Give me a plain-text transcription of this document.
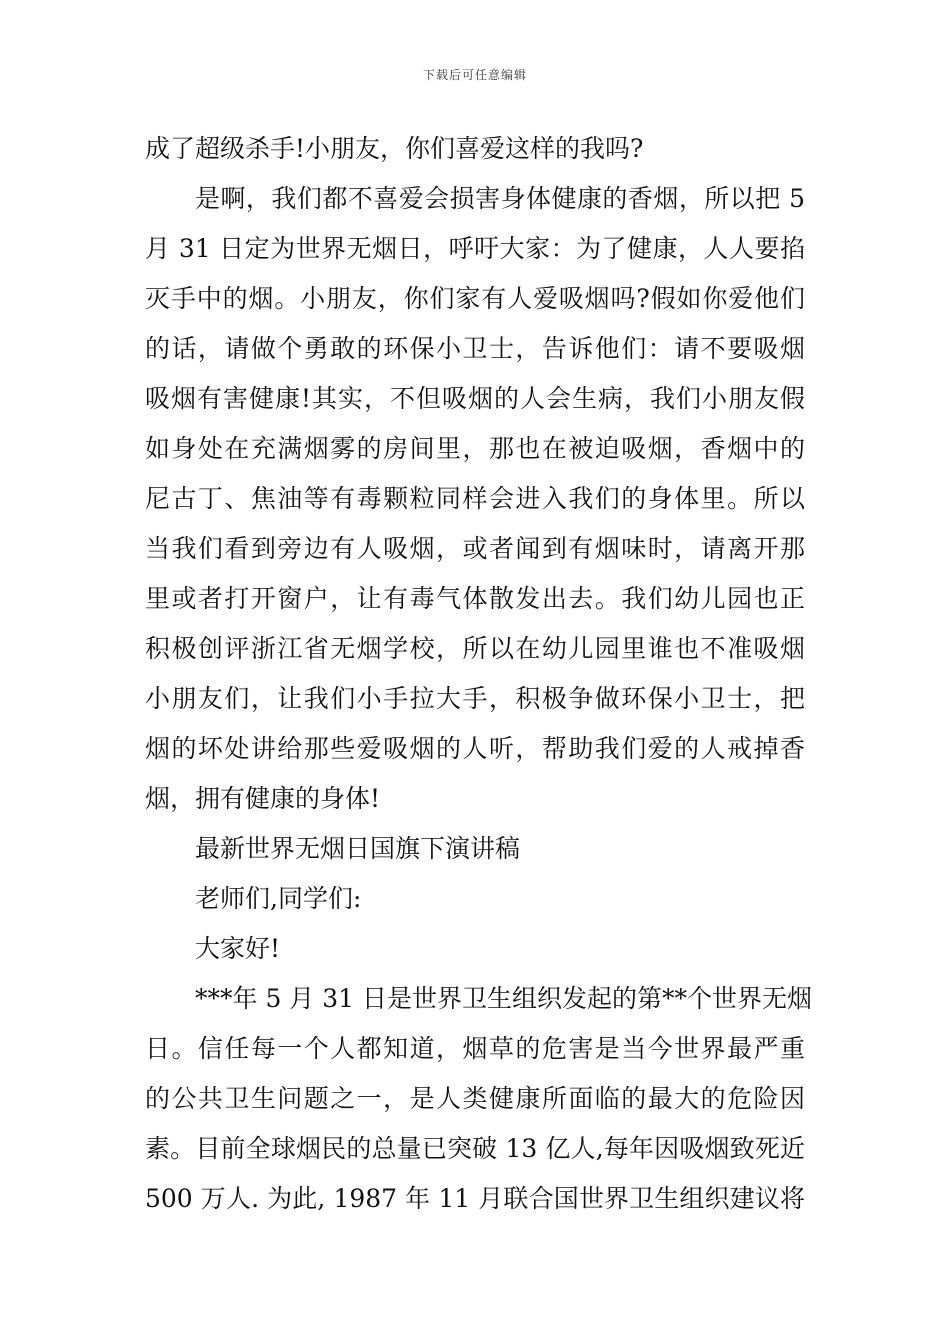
下载后可任意编辑
成了超级杀手!小朋友，你们喜爱这样的我吗?
是啊，我们都不喜爱会损害身体健康的香烟，所以把 5
月 31 日定为世界无烟日，呼吁大家：为了健康，人人要掐
灭手中的烟。小朋友，你们家有人爱吸烟吗?假如你爱他们
的话，请做个勇敢的环保小卫士，告诉他们：请不要吸烟
吸烟有害健康!其实，不但吸烟的人会生病，我们小朋友假
如身处在充满烟雾的房间里，那也在被迫吸烟，香烟中的
尼古丁、焦油等有毒颗粒同样会进入我们的身体里。所以
当我们看到旁边有人吸烟，或者闻到有烟味时，请离开那
里或者打开窗户，让有毒气体散发出去。我们幼儿园也正
积极创评浙江省无烟学校，所以在幼儿园里谁也不准吸烟
小朋友们，让我们小手拉大手，积极争做环保小卫士，把
烟的坏处讲给那些爱吸烟的人听，帮助我们爱的人戒掉香
烟，拥有健康的身体!
最新世界无烟日国旗下演讲稿
老师们,同学们:
大家好!
***年 5 月 31 日是世界卫生组织发起的第**个世界无烟
日。信任每一个人都知道，烟草的危害是当今世界最严重
的公共卫生问题之一，是人类健康所面临的最大的危险因
素。目前全球烟民的总量已突破 13 亿人,每年因吸烟致死近
500 万人. 为此, 1987 年 11 月联合国世界卫生组织建议将
